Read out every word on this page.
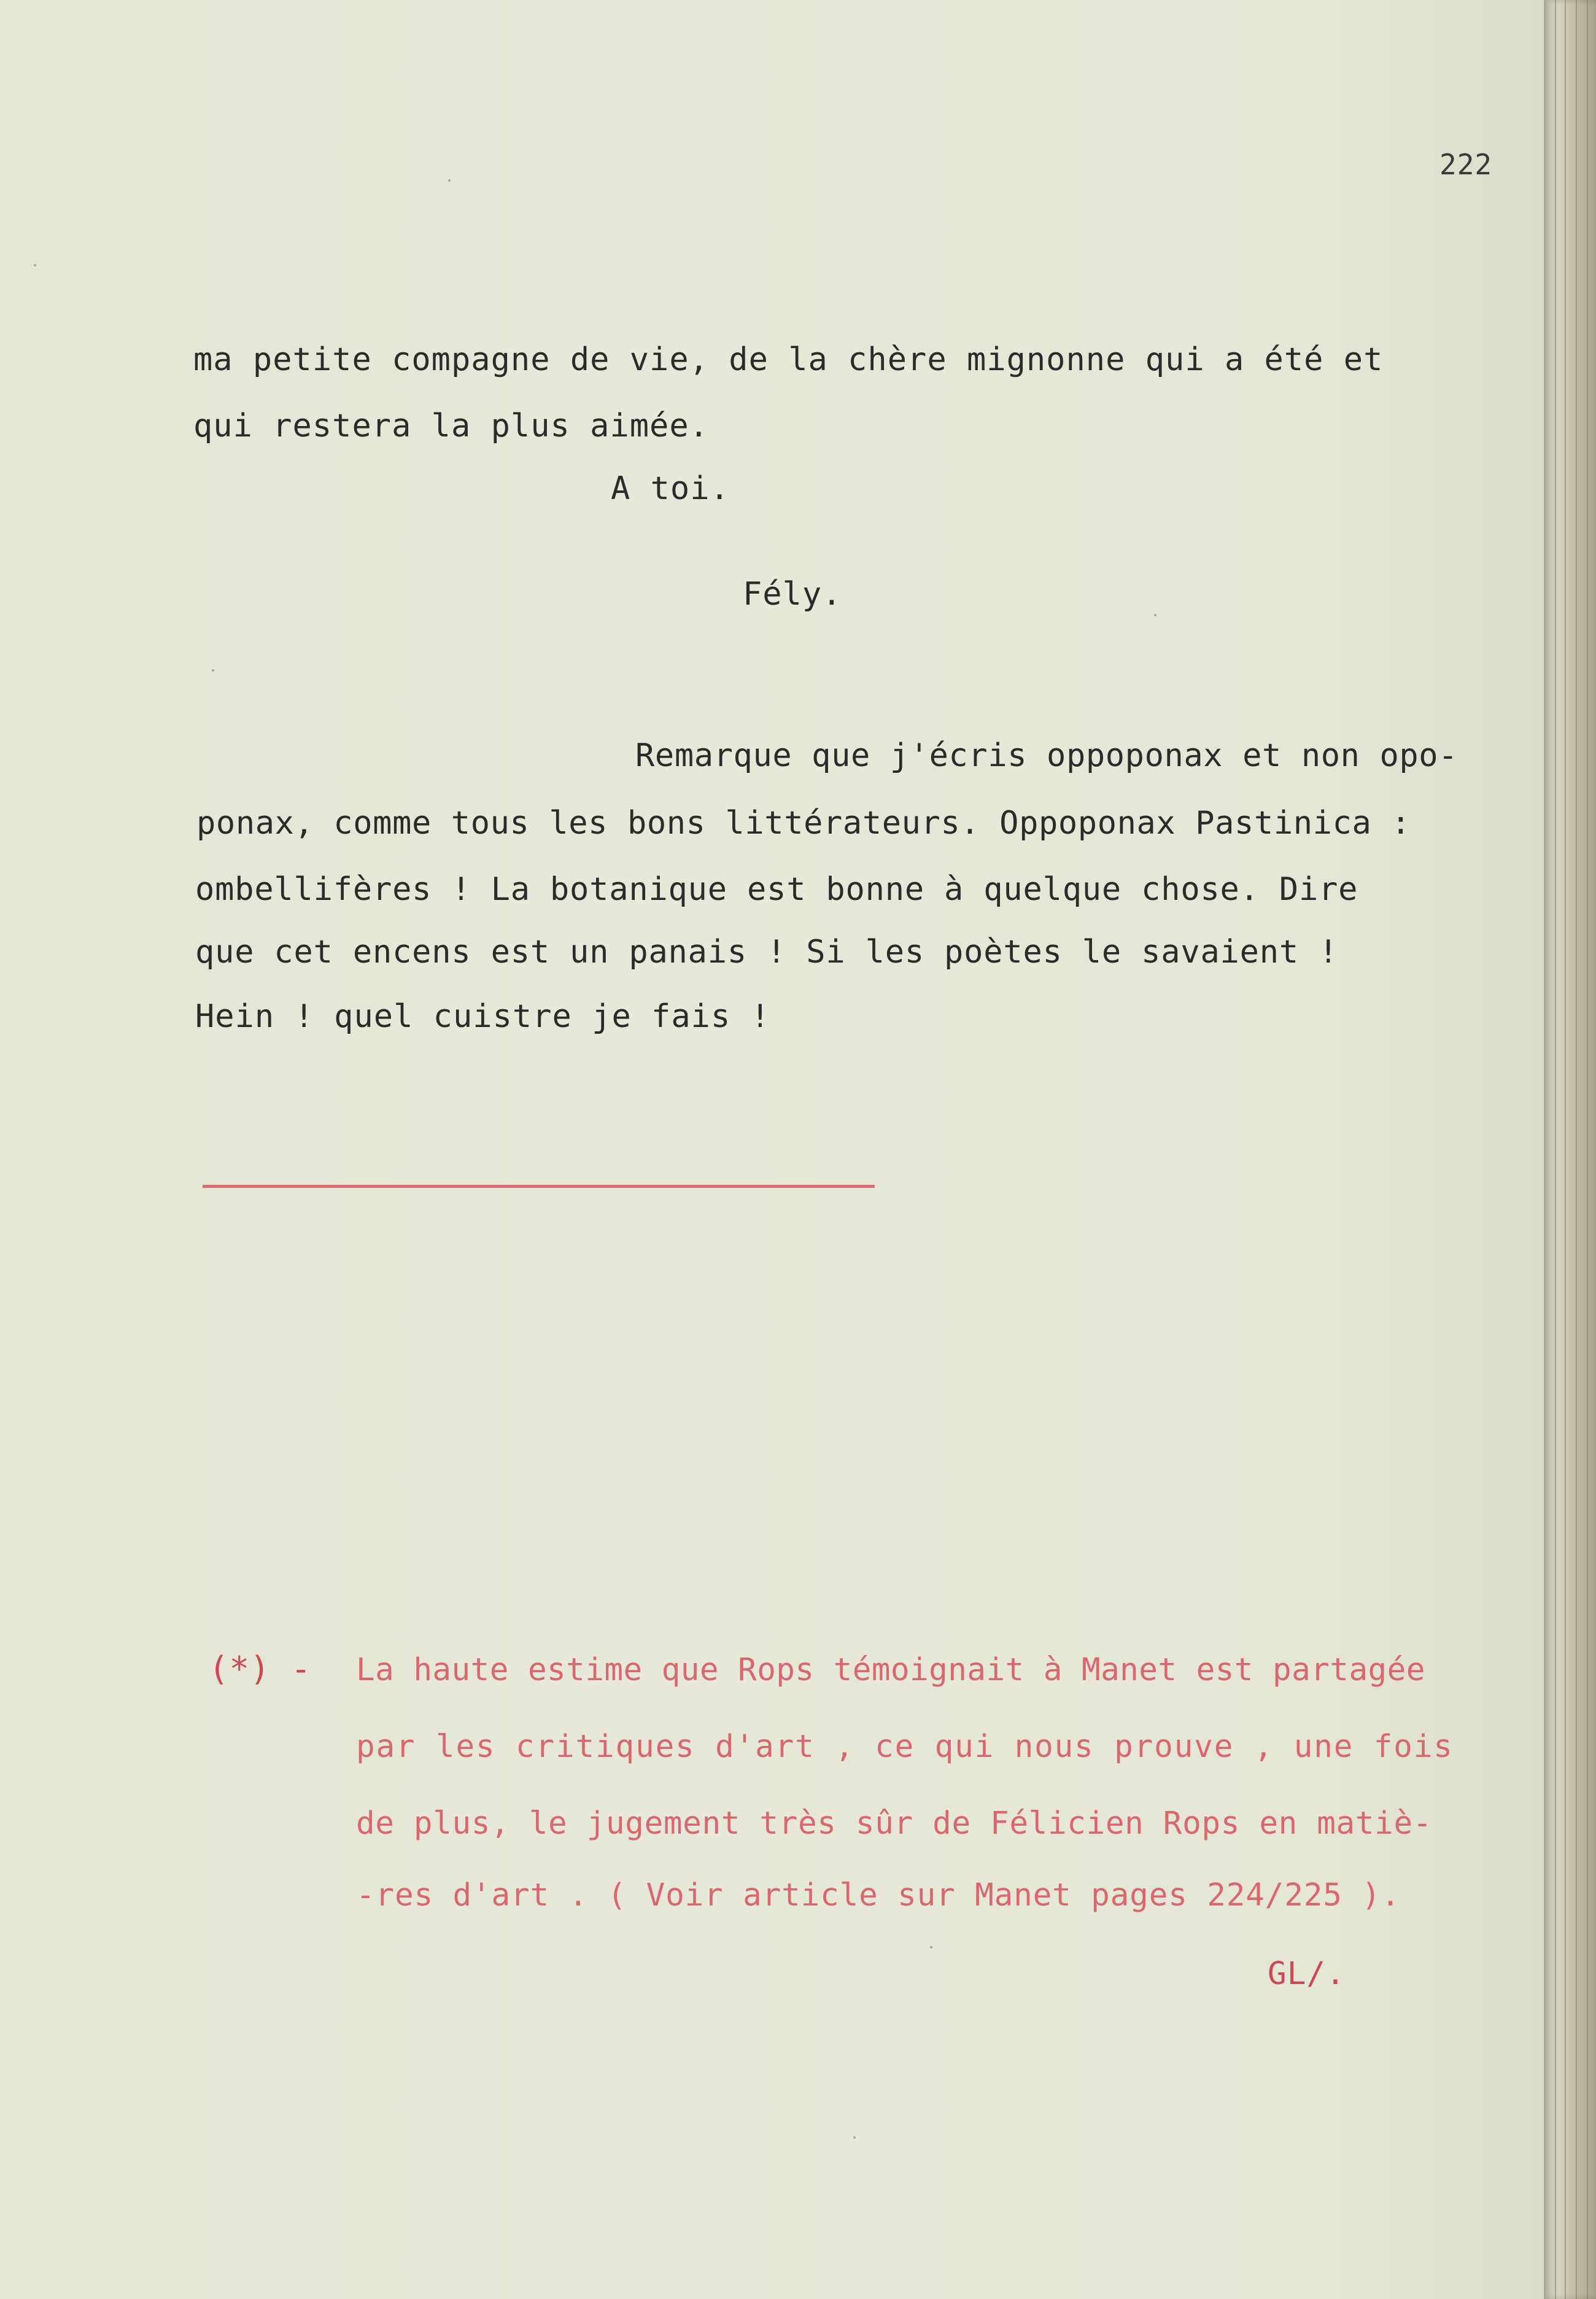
222
ma petite compagne de vie, de la chère mignonne qui a été et
qui restera la plus aimée.
A toi.
Fély.
Remarque que j'écris oppoponax et non opo-
ponax, comme tous les bons littérateurs. Oppoponax Pastinica :
ombellifères ! La botanique est bonne à quelque chose. Dire
que cet encens est un panais ! Si les poètes le savaient !
Hein ! quel cuistre je fais !
(*) - La haute estime que Rops témoignait à Manet est partagée
par les critiques d'art , ce qui nous prouve , une fois
de plus, le jugement très sûr de Félicien Rops en matiè-
-res d'art . ( Voir article sur Manet pages 224/225 ).
GL/.
